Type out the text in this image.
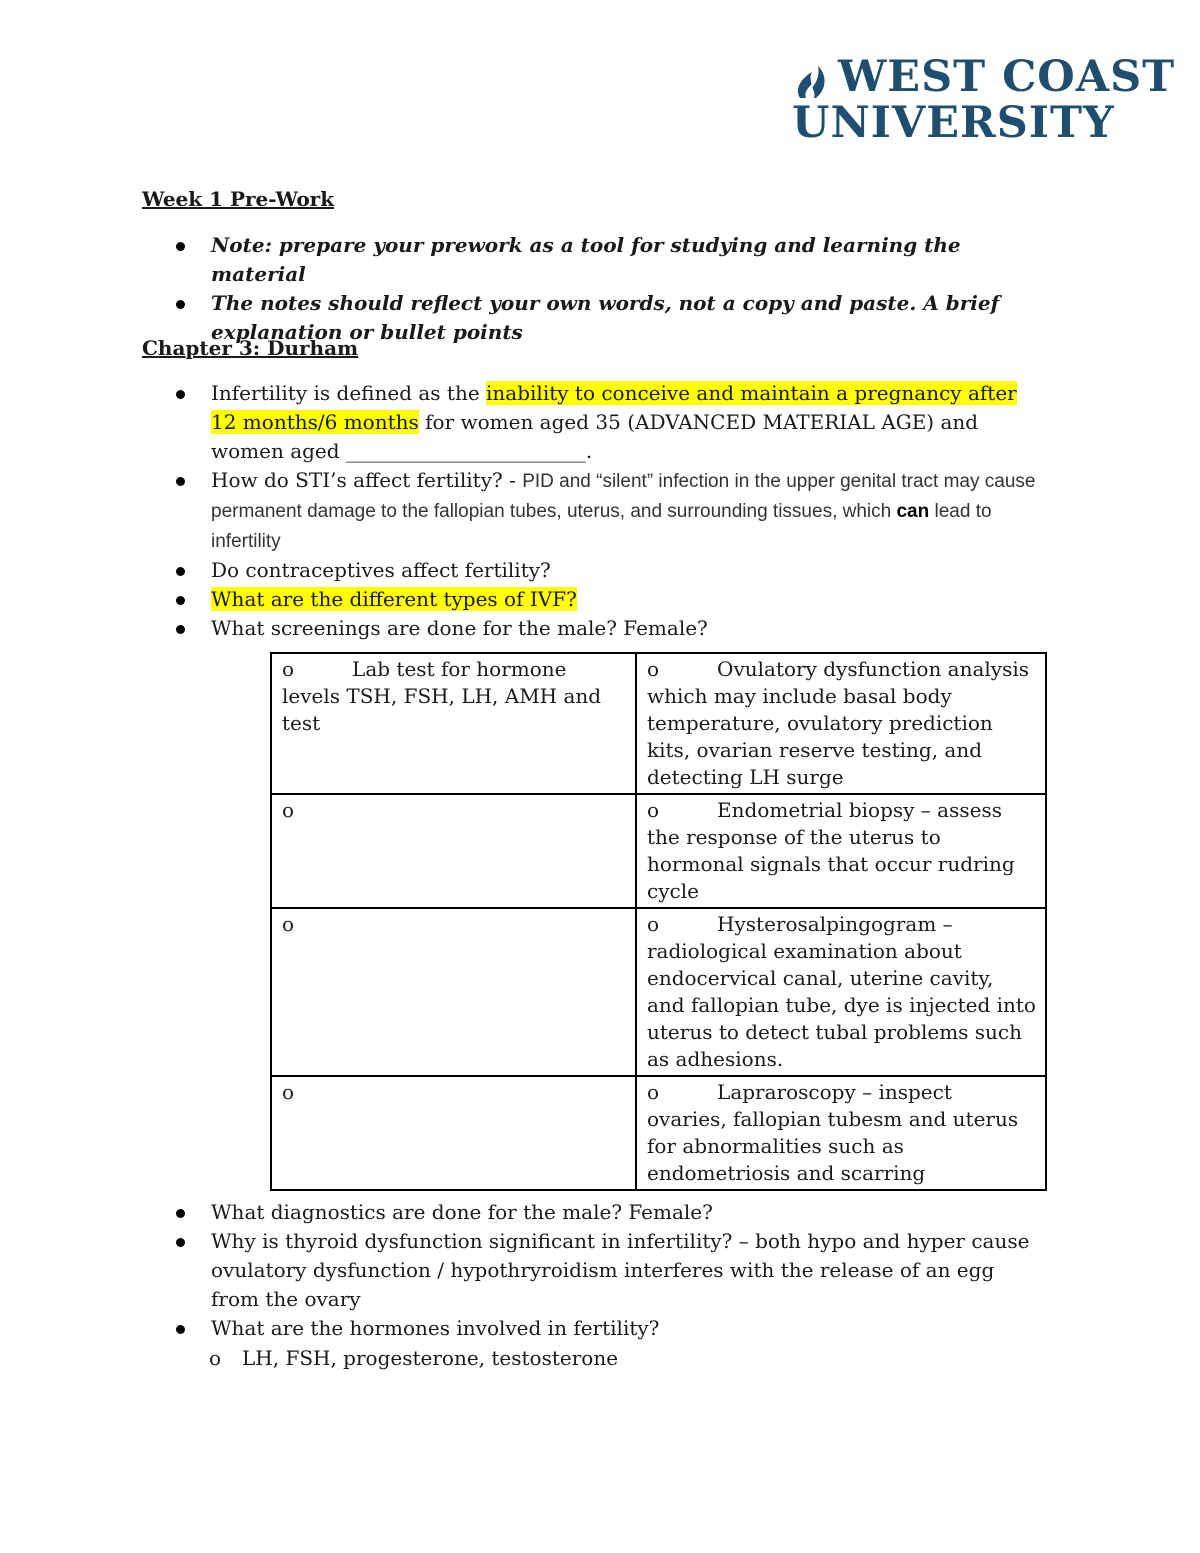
WEST COAST
UNIVERSITY
Week 1 Pre-Work
Note: prepare your prework as a tool for studying and learning the material
The notes should reflect your own words, not a copy and paste. A brief explanation or bullet points
Chapter 3: Durham
Infertility is defined as the inability to conceive and maintain a pregnancy after 12 months/6 months for women aged 35 (ADVANCED MATERIAL AGE) and women aged ________________________.
How do STI’s affect fertility? - PID and “silent” infection in the upper genital tract may cause permanent damage to the fallopian tubes, uterus, and surrounding tissues, which can lead to infertility
Do contraceptives affect fertility?
What are the different types of IVF?
What screenings are done for the male? Female?
o Lab test for hormone levels TSH, FSH, LH, AMH and test	o Ovulatory dysfunction analysis which may include basal body temperature, ovulatory prediction kits, ovarian reserve testing, and detecting LH surge
o	o Endometrial biopsy – assess the response of the uterus to hormonal signals that occur rudring cycle
o	o Hysterosalpingogram – radiological examination about endocervical canal, uterine cavity, and fallopian tube, dye is injected into uterus to detect tubal problems such as adhesions.
o	o Lapraroscopy – inspect ovaries, fallopian tubesm and uterus for abnormalities such as endometriosis and scarring
What diagnostics are done for the male? Female?
Why is thyroid dysfunction significant in infertility? – both hypo and hyper cause ovulatory dysfunction / hypothryroidism interferes with the release of an egg from the ovary
What are the hormones involved in fertility?
o LH, FSH, progesterone, testosterone
